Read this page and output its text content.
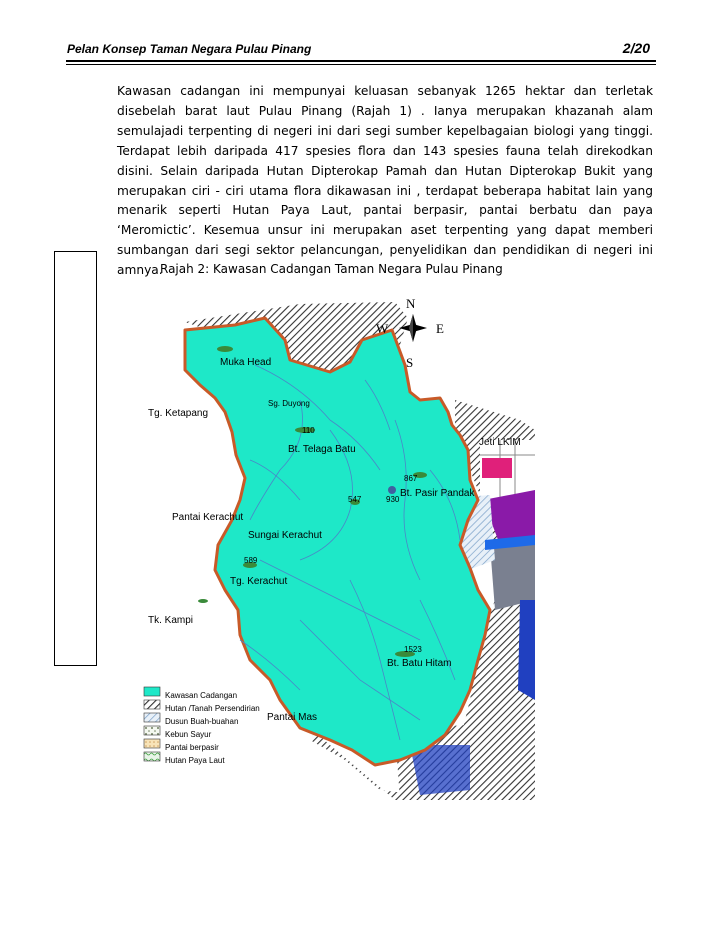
Pelan Konsep Taman Negara Pulau Pinang	2/20
Kawasan cadangan ini mempunyai keluasan sebanyak 1265 hektar dan terletak disebelah barat laut Pulau Pinang (Rajah 1) . Ianya merupakan khazanah alam semulajadi terpenting di negeri ini dari segi sumber kepelbagaian biologi yang tinggi. Terdapat lebih daripada 417 spesies flora dan 143 spesies fauna telah direkodkan disini. Selain daripada Hutan Dipterokap Pamah dan Hutan Dipterokap Bukit yang merupakan ciri - ciri utama flora dikawasan ini , terdapat beberapa habitat lain yang menarik seperti Hutan Paya Laut, pantai berpasir, pantai berbatu dan paya ‘Meromictic’. Kesemua unsur ini merupakan aset terpenting yang dapat memberi sumbangan dari segi sektor pelancungan, penyelidikan dan pendidikan di negeri ini amnya.
Rajah 2: Kawasan Cadangan Taman Negara Pulau Pinang
N
S
W	E
Muka Head
Sg. Duyong
Tg. Ketapang
110
Bt. Telaga Batu
Jeti LKIM
867
Bt. Pasir Pandak
547	930
Pantai Kerachut
Sungai Kerachut
589
Tg. Kerachut
Tk. Kampi
1523
Bt. Batu Hitam
Pantai Mas
Kawasan Cadangan
Hutan /Tanah Persendirian
Dusun Buah-buahan
Kebun Sayur
Pantai berpasir
Hutan Paya Laut
